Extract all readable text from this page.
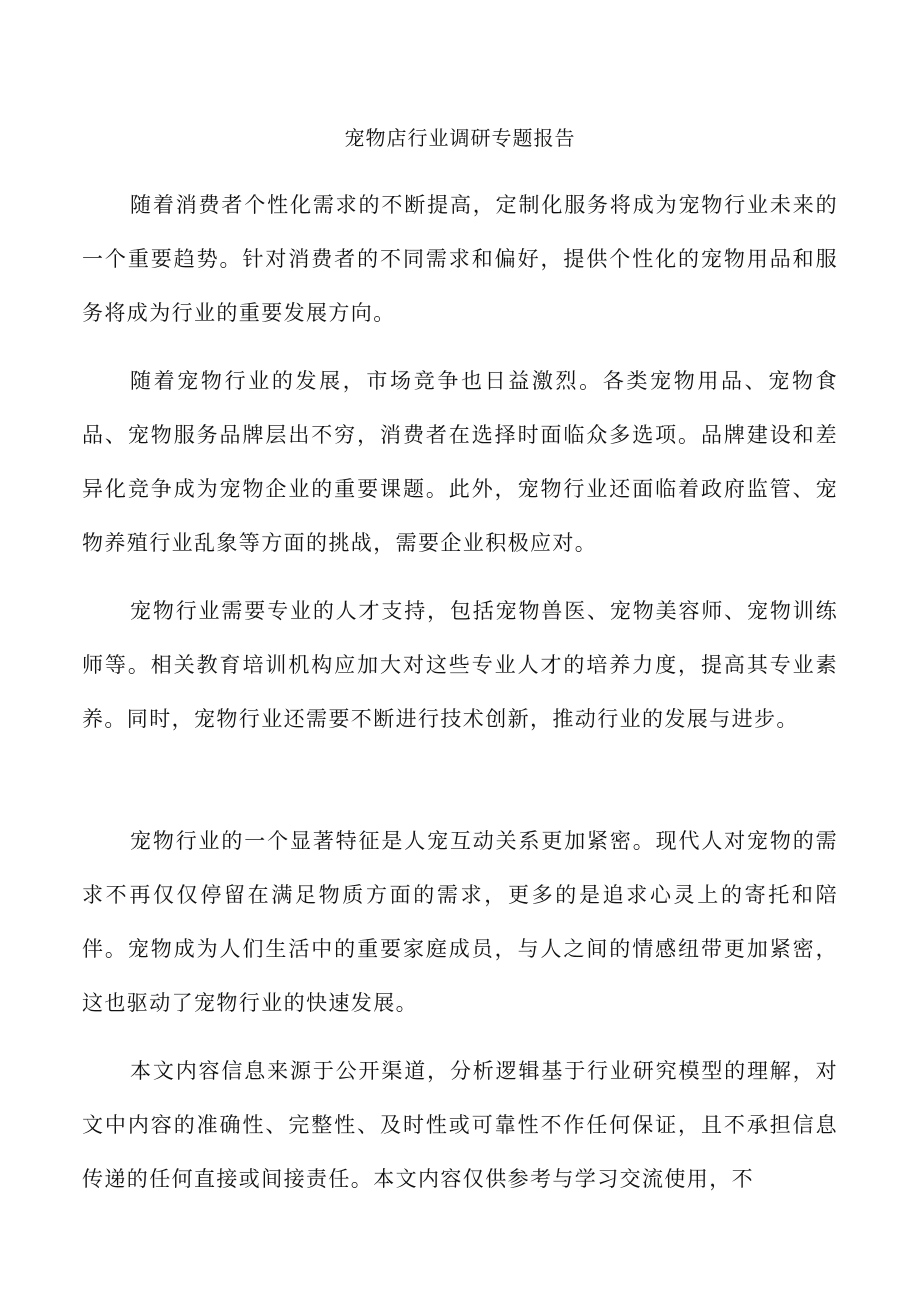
宠物店行业调研专题报告

随着消费者个性化需求的不断提高，定制化服务将成为宠物行业未来的一个重要趋势。针对消费者的不同需求和偏好，提供个性化的宠物用品和服务将成为行业的重要发展方向。

随着宠物行业的发展，市场竞争也日益激烈。各类宠物用品、宠物食品、宠物服务品牌层出不穷，消费者在选择时面临众多选项。品牌建设和差异化竞争成为宠物企业的重要课题。此外，宠物行业还面临着政府监管、宠物养殖行业乱象等方面的挑战，需要企业积极应对。

宠物行业需要专业的人才支持，包括宠物兽医、宠物美容师、宠物训练师等。相关教育培训机构应加大对这些专业人才的培养力度，提高其专业素养。同时，宠物行业还需要不断进行技术创新，推动行业的发展与进步。

宠物行业的一个显著特征是人宠互动关系更加紧密。现代人对宠物的需求不再仅仅停留在满足物质方面的需求，更多的是追求心灵上的寄托和陪伴。宠物成为人们生活中的重要家庭成员，与人之间的情感纽带更加紧密，这也驱动了宠物行业的快速发展。

本文内容信息来源于公开渠道，分析逻辑基于行业研究模型的理解，对文中内容的准确性、完整性、及时性或可靠性不作任何保证，且不承担信息传递的任何直接或间接责任。本文内容仅供参考与学习交流使用，不
